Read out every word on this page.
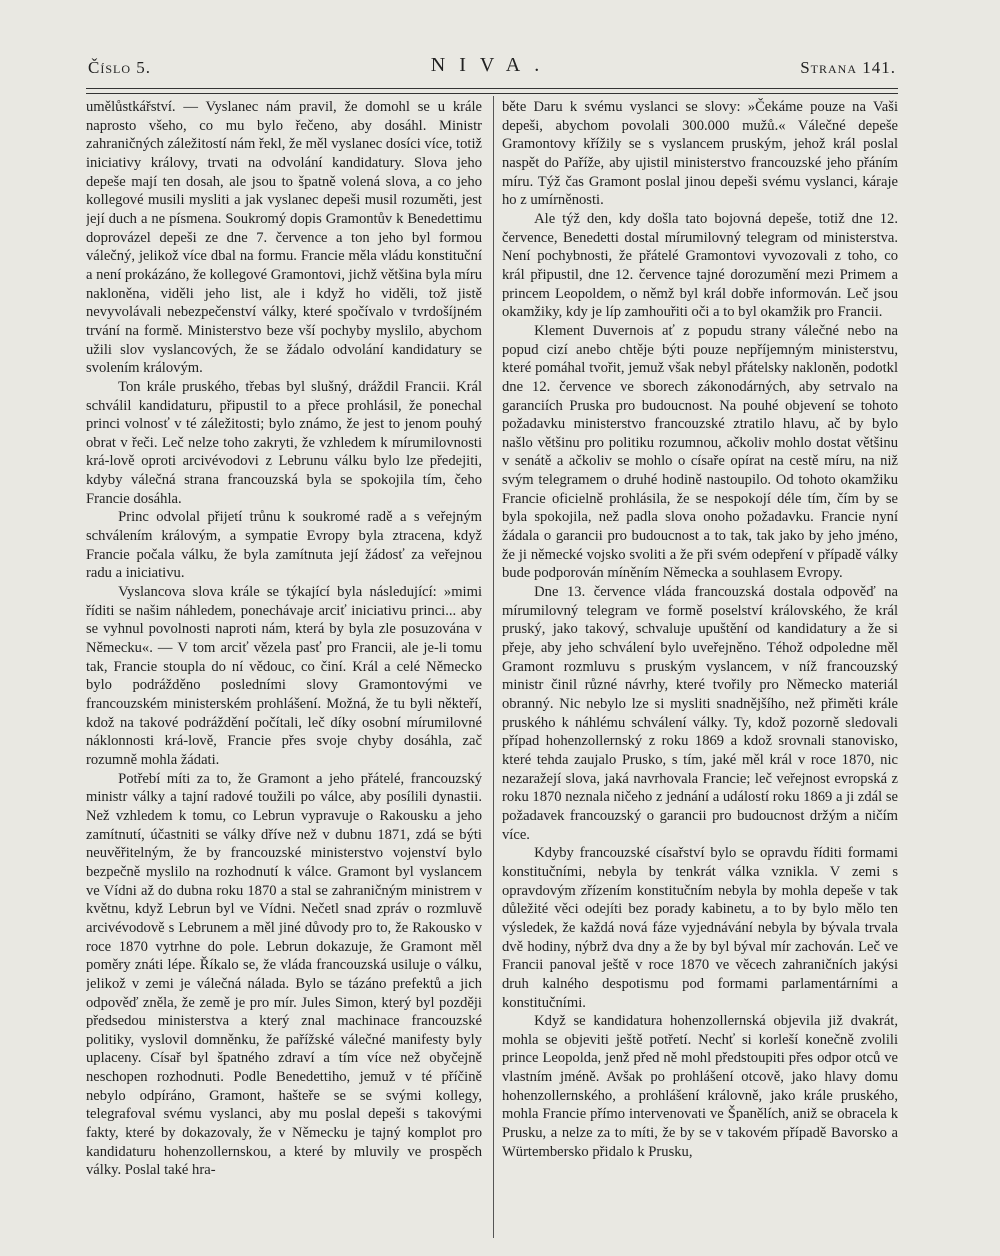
Číslo 5.	NIVA.	Strana 141.

umělůstkářství. — Vyslanec nám pravil, že domohl se u krále naprosto všeho, co mu bylo řečeno, aby dosáhl. Ministr zahraničných záležitostí nám řekl, že měl vyslanec dosíci více, totiž iniciativy královy, trvati na odvolání kandidatury. Slova jeho depeše mají ten dosah, ale jsou to špatně volená slova, a co jeho kollegové musili mysliti a jak vyslanec depeši musil rozuměti, jest její duch a ne písmena. Soukromý dopis Gramontův k Benedettimu doprovázel depeši ze dne 7. července a ton jeho byl formou válečný, jelikož více dbal na formu. Francie měla vládu konstituční a není prokázáno, že kollegové Gramontovi, jichž většina byla míru nakloněna, viděli jeho list, ale i když ho viděli, tož jistě nevyvolávali nebezpečenství války, které spočívalo v tvrdošíjném trvání na formě. Ministerstvo beze vší pochyby myslilo, abychom užili slov vyslancových, že se žádalo odvolání kandidatury se svolením královým.

Ton krále pruského, třebas byl slušný, dráždil Francii. Král schválil kandidaturu, připustil to a přece prohlásil, že ponechal princi volnosť v té záležitosti; bylo známo, že jest to jenom pouhý obrat v řeči. Leč nelze toho zakryti, že vzhledem k mírumilovnosti krá-lově oproti arcivévodovi z Lebrunu válku bylo lze předejiti, kdyby válečná strana francouzská byla se spokojila tím, čeho Francie dosáhla.

Princ odvolal přijetí trůnu k soukromé radě a s veřejným schválením královým, a sympatie Evropy byla ztracena, když Francie počala válku, že byla zamítnuta její žádosť za veřejnou radu a iniciativu.

Vyslancova slova krále se týkající byla následující: »mimi říditi se našim náhledem, ponechávaje arciť iniciativu princi... aby se vyhnul povolnosti naproti nám, která by byla zle posuzována v Německu«. — V tom arciť vězela pasť pro Francii, ale je-li tomu tak, Francie stoupla do ní vědouc, co činí. Král a celé Německo bylo podrážděno posledními slovy Gramontovými ve francouzském ministerském prohlášení. Možná, že tu byli někteří, kdož na takové podráždění počítali, leč díky osobní mírumilovné náklonnosti krá-lově, Francie přes svoje chyby dosáhla, zač rozumně mohla žádati.

Potřebí míti za to, že Gramont a jeho přátelé, francouzský ministr války a tajní radové toužili po válce, aby posílili dynastii. Než vzhledem k tomu, co Lebrun vypravuje o Rakousku a jeho zamítnutí, účastniti se války dříve než v dubnu 1871, zdá se býti neuvěřitelným, že by francouzské ministerstvo vojenství bylo bezpečně myslilo na rozhodnutí k válce. Gramont byl vyslancem ve Vídni až do dubna roku 1870 a stal se zahraničným ministrem v květnu, když Lebrun byl ve Vídni. Nečetl snad zpráv o rozmluvě arcivévodově s Lebrunem a měl jiné důvody pro to, že Rakousko v roce 1870 vytrhne do pole. Lebrun dokazuje, že Gramont měl poměry znáti lépe. Říkalo se, že vláda francouzská usiluje o válku, jelikož v zemi je válečná nálada. Bylo se tázáno prefektů a jich odpověď zněla, že země je pro mír. Jules Simon, který byl později předsedou ministerstva a který znal machinace francouzské politiky, vyslovil domněnku, že pařížské válečné manifesty byly uplaceny. Císař byl špatného zdraví a tím více než obyčejně neschopen rozhodnuti. Podle Benedettiho, jemuž v té příčině nebylo odpíráno, Gramont, hašteře se se svými kollegy, telegrafoval svému vyslanci, aby mu poslal depeši s takovými fakty, které by dokazovaly, že v Německu je tajný komplot pro kandidaturu hohenzollernskou, a které by mluvily ve prospěch války. Poslal také hra-

běte Daru k svému vyslanci se slovy: »Čekáme pouze na Vaši depeši, abychom povolali 300.000 mužů.« Válečné depeše Gramontovy křížily se s vyslancem pruským, jehož král poslal naspět do Paříže, aby ujistil ministerstvo francouzské jeho přáním míru. Týž čas Gramont poslal jinou depeši svému vyslanci, káraje ho z umírněnosti.

Ale týž den, kdy došla tato bojovná depeše, totiž dne 12. července, Benedetti dostal mírumilovný telegram od ministerstva. Není pochybnosti, že přátelé Gramontovi vyvozovali z toho, co král připustil, dne 12. července tajné dorozumění mezi Primem a princem Leopoldem, o němž byl král dobře informován. Leč jsou okamžiky, kdy je líp zamhouřiti oči a to byl okamžik pro Francii.

Klement Duvernois ať z popudu strany válečné nebo na popud cizí anebo chtěje býti pouze nepříjemným ministerstvu, které pomáhal tvořit, jemuž však nebyl přátelsky nakloněn, podotkl dne 12. července ve sborech zákonodárných, aby setrvalo na garanciích Pruska pro budoucnost. Na pouhé objevení se tohoto požadavku ministerstvo francouzské ztratilo hlavu, ač by bylo našlo většinu pro politiku rozumnou, ačkoliv mohlo dostat většinu v senátě a ačkoliv se mohlo o císaře opírat na cestě míru, na niž svým telegramem o druhé hodině nastoupilo. Od tohoto okamžiku Francie oficielně prohlásila, že se nespokojí déle tím, čím by se byla spokojila, než padla slova onoho požadavku. Francie nyní žádala o garancii pro budoucnost a to tak, tak jako by jeho jméno, že ji německé vojsko svoliti a že při svém odepření v případě války bude podporován míněním Německa a souhlasem Evropy.

Dne 13. července vláda francouzská dostala odpověď na mírumilovný telegram ve formě poselství královského, že král pruský, jako takový, schvaluje upuštění od kandidatury a že si přeje, aby jeho schválení bylo uveřejněno. Téhož odpoledne měl Gramont rozmluvu s pruským vyslancem, v níž francouzský ministr činil různé návrhy, které tvořily pro Německo materiál obranný. Nic nebylo lze si mysliti snadnějšího, než přiměti krále pruského k náhlému schválení války. Ty, kdož pozorně sledovali případ hohenzollernský z roku 1869 a kdož srovnali stanovisko, které tehda zaujalo Prusko, s tím, jaké měl král v roce 1870, nic nezaražejí slova, jaká navrhovala Francie; leč veřejnost evropská z roku 1870 neznala ničeho z jednání a událostí roku 1869 a ji zdál se požadavek francouzský o garancii pro budoucnost držým a ničím více.

Kdyby francouzské císařství bylo se opravdu říditi formami konstitučními, nebyla by tenkrát válka vznikla. V zemi s opravdovým zřízením konstitučním nebyla by mohla depeše v tak důležité věci odejíti bez porady kabinetu, a to by bylo mělo ten výsledek, že každá nová fáze vyjednávání nebyla by bývala trvala dvě hodiny, nýbrž dva dny a že by byl býval mír zachován. Leč ve Francii panoval ještě v roce 1870 ve věcech zahraničních jakýsi druh kalného despotismu pod formami parlamentárními a konstitučními.

Když se kandidatura hohenzollernská objevila již dvakrát, mohla se objeviti ještě potřetí. Nechť si korleší konečně zvolili prince Leopolda, jenž před ně mohl předstoupiti přes odpor otců ve vlastním jméně. Avšak po prohlášení otcově, jako hlavy domu hohenzollernského, a prohlášení královně, jako krále pruského, mohla Francie přímo intervenovati ve Španělích, aniž se obracela k Prusku, a nelze za to míti, že by se v takovém případě Bavorsko a Würtembersko přidalo k Prusku,
